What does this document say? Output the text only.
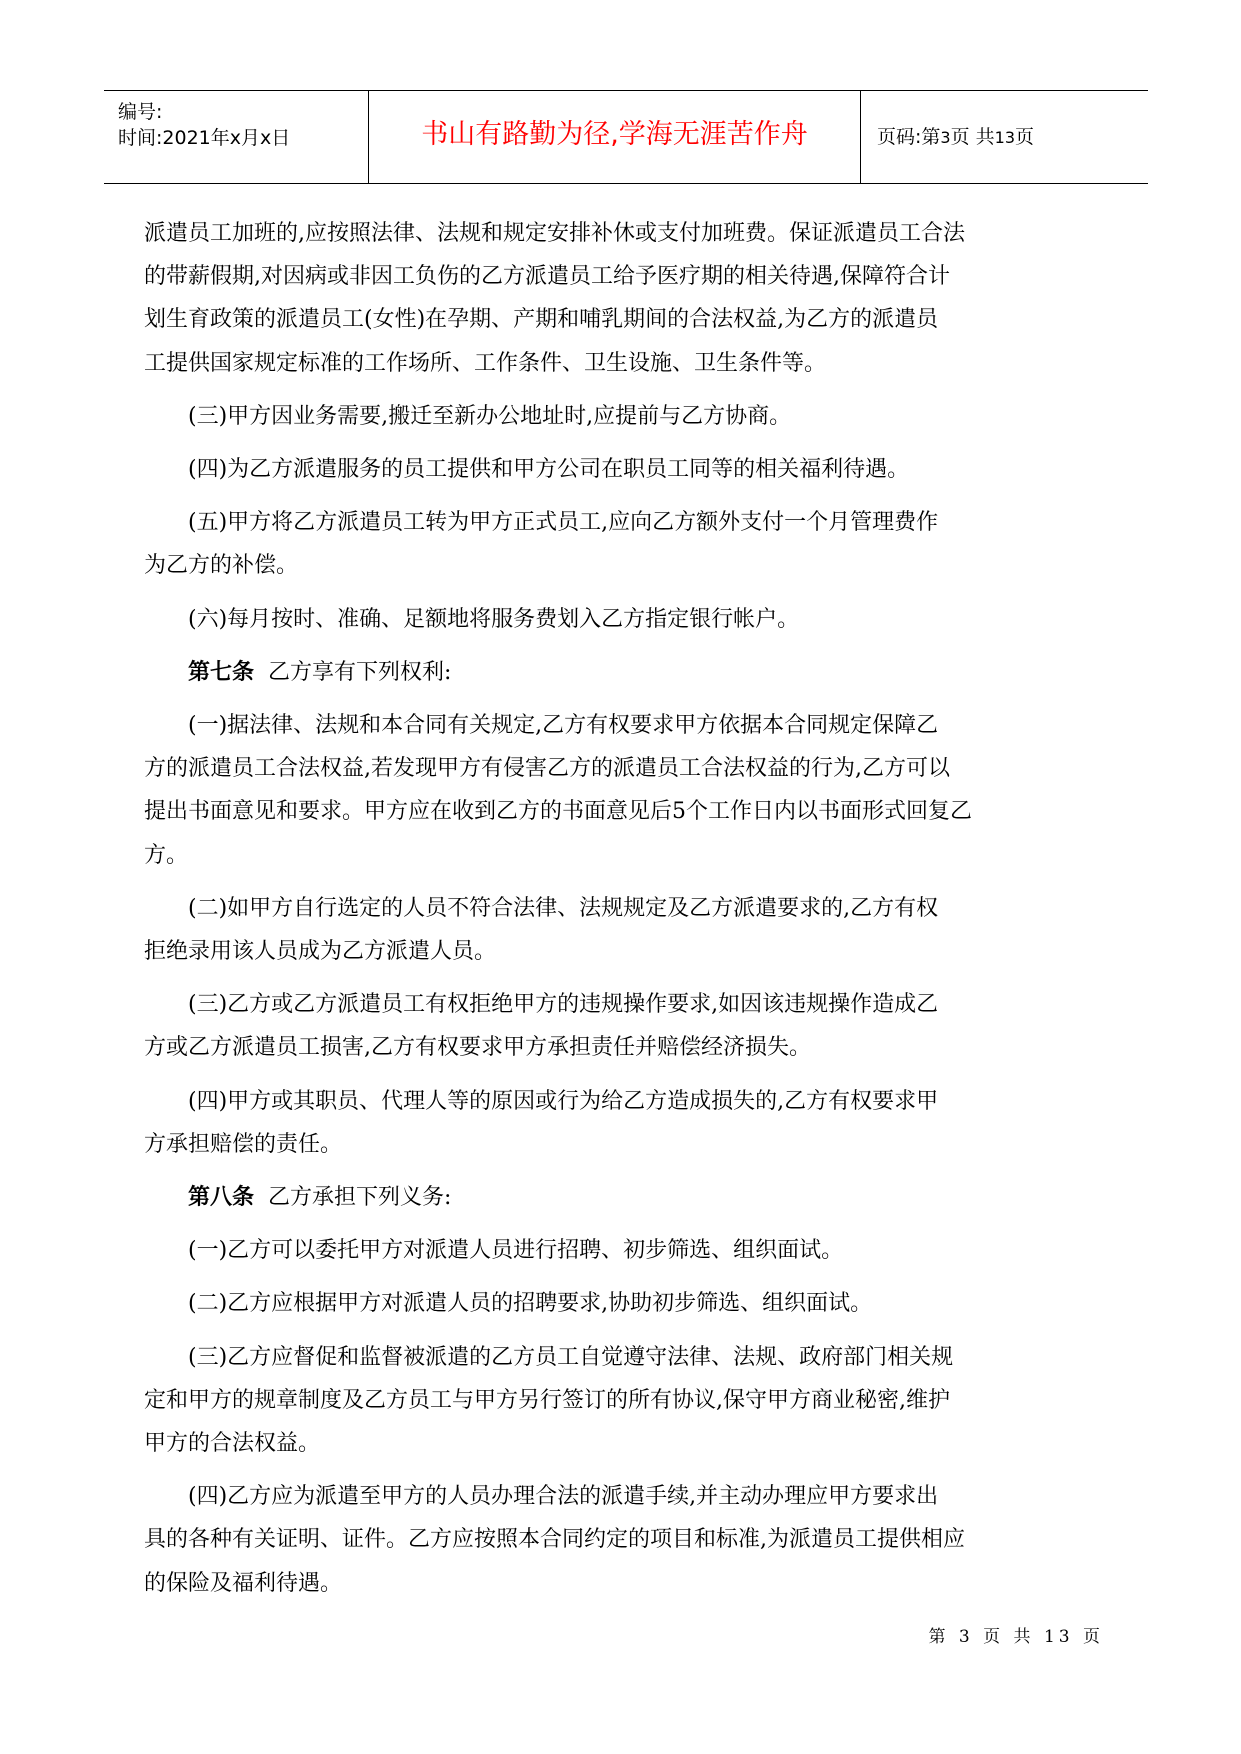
编号:
时间:2021年x月x日	书山有路勤为径,学海无涯苦作舟	页码:第3页 共13页

派遣员工加班的,应按照法律、法规和规定安排补休或支付加班费。保证派遣员工合法
的带薪假期,对因病或非因工负伤的乙方派遣员工给予医疗期的相关待遇,保障符合计
划生育政策的派遣员工(女性)在孕期、产期和哺乳期间的合法权益,为乙方的派遣员
工提供国家规定标准的工作场所、工作条件、卫生设施、卫生条件等。

(三)甲方因业务需要,搬迁至新办公地址时,应提前与乙方协商。

(四)为乙方派遣服务的员工提供和甲方公司在职员工同等的相关福利待遇。

(五)甲方将乙方派遣员工转为甲方正式员工,应向乙方额外支付一个月管理费作
为乙方的补偿。

(六)每月按时、准确、足额地将服务费划入乙方指定银行帐户。

第七条 乙方享有下列权利:

(一)据法律、法规和本合同有关规定,乙方有权要求甲方依据本合同规定保障乙
方的派遣员工合法权益,若发现甲方有侵害乙方的派遣员工合法权益的行为,乙方可以
提出书面意见和要求。甲方应在收到乙方的书面意见后5个工作日内以书面形式回复乙
方。

(二)如甲方自行选定的人员不符合法律、法规规定及乙方派遣要求的,乙方有权
拒绝录用该人员成为乙方派遣人员。

(三)乙方或乙方派遣员工有权拒绝甲方的违规操作要求,如因该违规操作造成乙
方或乙方派遣员工损害,乙方有权要求甲方承担责任并赔偿经济损失。

(四)甲方或其职员、代理人等的原因或行为给乙方造成损失的,乙方有权要求甲
方承担赔偿的责任。

第八条 乙方承担下列义务:

(一)乙方可以委托甲方对派遣人员进行招聘、初步筛选、组织面试。

(二)乙方应根据甲方对派遣人员的招聘要求,协助初步筛选、组织面试。

(三)乙方应督促和监督被派遣的乙方员工自觉遵守法律、法规、政府部门相关规
定和甲方的规章制度及乙方员工与甲方另行签订的所有协议,保守甲方商业秘密,维护
甲方的合法权益。

(四)乙方应为派遣至甲方的人员办理合法的派遣手续,并主动办理应甲方要求出
具的各种有关证明、证件。乙方应按照本合同约定的项目和标准,为派遣员工提供相应
的保险及福利待遇。

第 3 页 共 13 页
